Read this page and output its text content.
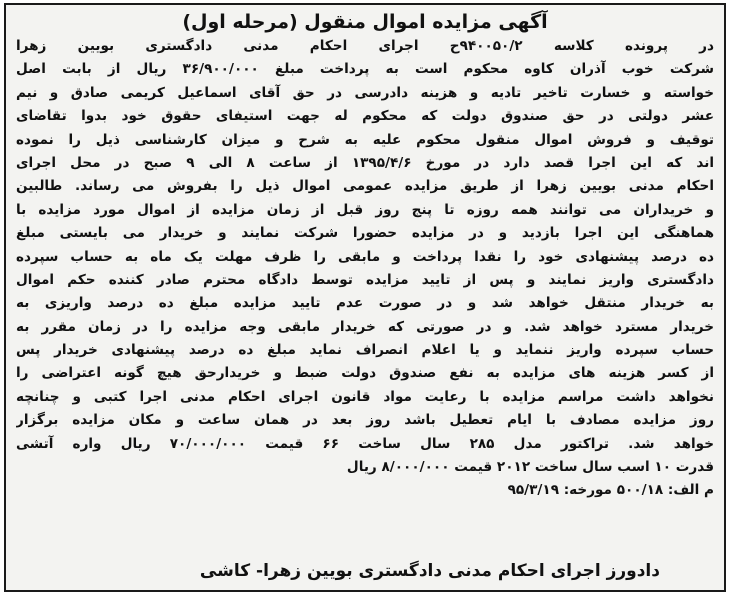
آگهی مزایده اموال منقول (مرحله اول)
در پرونده کلاسه ۹۴۰۰۵۰/۲ح اجرای احکام مدنی دادگستری بویین زهرا
شرکت خوب آذران کاوه محکوم است به پرداخت مبلغ ۳۶/۹۰۰/۰۰۰ ریال از بابت اصل
خواسته و خسارت تاخیر تادیه و هزینه دادرسی در حق آقای اسماعیل کریمی صادق و نیم
عشر دولتی در حق صندوق دولت که محکوم له جهت استیفای حقوق خود بدوا تقاضای
توقیف و فروش اموال منقول محکوم علیه به شرح و میزان کارشناسی ذیل را نموده
اند که این اجرا قصد دارد در مورخ ۱۳۹۵/۴/۶ از ساعت ۸ الی ۹ صبح در محل اجرای
احکام مدنی بویین زهرا از طریق مزایده عمومی اموال ذیل را بفروش می رساند. طالبین
و خریداران می توانند همه روزه تا پنج روز قبل از زمان مزایده از اموال مورد مزایده با
هماهنگی این اجرا بازدید و در مزایده حضورا شرکت نمایند و خریدار می بایستی مبلغ
ده درصد پیشنهادی خود را نقدا پرداخت و مابقی را ظرف مهلت یک ماه به حساب سپرده
دادگستری واریز نمایند و پس از تایید مزایده توسط دادگاه محترم صادر کننده حکم اموال
به خریدار منتقل خواهد شد و در صورت عدم تایید مزایده مبلغ ده درصد واریزی به
خریدار مسترد خواهد شد. و در صورتی که خریدار مابقی وجه مزایده را در زمان مقرر به
حساب سپرده واریز ننماید و یا اعلام انصراف نماید مبلغ ده درصد پیشنهادی خریدار پس
از کسر هزینه های مزایده به نفع صندوق دولت ضبط و خریدارحق هیچ گونه اعتراضی را
نخواهد داشت مراسم مزایده با رعایت مواد قانون اجرای احکام مدنی اجرا کتبی و چنانچه
روز مزایده مصادف با ایام تعطیل باشد روز بعد در همان ساعت و مکان مزایده برگزار
خواهد شد. تراکتور مدل ۲۸۵ سال ساخت ۶۶ قیمت ۷۰/۰۰۰/۰۰۰ ریال واره آتشی
قدرت ۱۰ اسب سال ساخت ۲۰۱۲ قیمت ۸/۰۰۰/۰۰۰ ریال
م الف: ۵۰۰/۱۸ مورخه: ۹۵/۳/۱۹
دادورز اجرای احکام مدنی دادگستری بویین زهرا- کاشی
